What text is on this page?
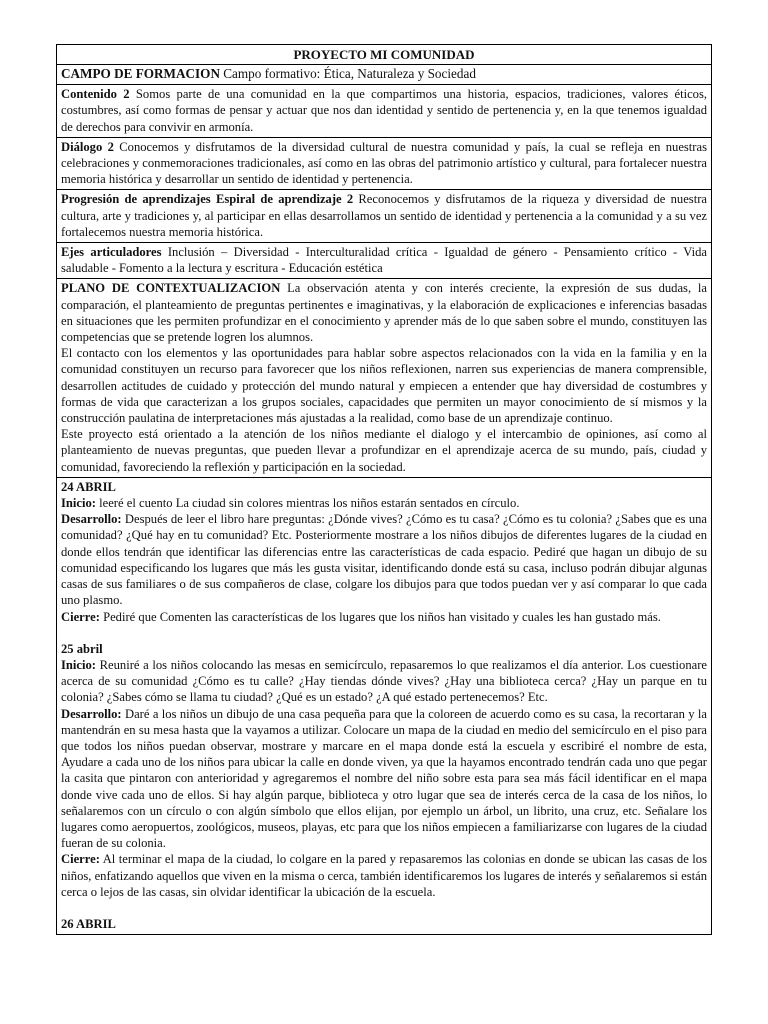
PROYECTO MI COMUNIDAD
CAMPO DE FORMACION Campo formativo: Ética, Naturaleza y Sociedad
Contenido 2 Somos parte de una comunidad en la que compartimos una historia, espacios, tradiciones, valores éticos, costumbres, así como formas de pensar y actuar que nos dan identidad y sentido de pertenencia y, en la que tenemos igualdad de derechos para convivir en armonía.
Diálogo 2 Conocemos y disfrutamos de la diversidad cultural de nuestra comunidad y país, la cual se refleja en nuestras celebraciones y conmemoraciones tradicionales, así como en las obras del patrimonio artístico y cultural, para fortalecer nuestra memoria histórica y desarrollar un sentido de identidad y pertenencia.
Progresión de aprendizajes Espiral de aprendizaje 2 Reconocemos y disfrutamos de la riqueza y diversidad de nuestra cultura, arte y tradiciones y, al participar en ellas desarrollamos un sentido de identidad y pertenencia a la comunidad y a su vez fortalecemos nuestra memoria histórica.
Ejes articuladores Inclusión – Diversidad - Interculturalidad crítica - Igualdad de género - Pensamiento crítico - Vida saludable - Fomento a la lectura y escritura - Educación estética

PLANO DE CONTEXTUALIZACION La observación atenta y con interés creciente, la expresión de sus dudas, la comparación, el planteamiento de preguntas pertinentes e imaginativas, y la elaboración de explicaciones e inferencias basadas en situaciones que les permiten profundizar en el conocimiento y aprender más de lo que saben sobre el mundo, constituyen las competencias que se pretende logren los alumnos.

El contacto con los elementos y las oportunidades para hablar sobre aspectos relacionados con la vida en la familia y en la comunidad constituyen un recurso para favorecer que los niños reflexionen, narren sus experiencias de manera comprensible, desarrollen actitudes de cuidado y protección del mundo natural y empiecen a entender que hay diversidad de costumbres y formas de vida que caracterizan a los grupos sociales, capacidades que permiten un mayor conocimiento de sí mismos y la construcción paulatina de interpretaciones más ajustadas a la realidad, como base de un aprendizaje continuo.

Este proyecto está orientado a la atención de los niños mediante el dialogo y el intercambio de opiniones, así como al planteamiento de nuevas preguntas, que pueden llevar a profundizar en el aprendizaje acerca de su mundo, país, ciudad y comunidad, favoreciendo la reflexión y participación en la sociedad.

24 ABRIL

Inicio: leeré el cuento La ciudad sin colores mientras los niños estarán sentados en círculo.

Desarrollo: Después de leer el libro hare preguntas: ¿Dónde vives? ¿Cómo es tu casa? ¿Cómo es tu colonia? ¿Sabes que es una comunidad? ¿Qué hay en tu comunidad? Etc. Posteriormente mostrare a los niños dibujos de diferentes lugares de la ciudad en donde ellos tendrán que identificar las diferencias entre las características de cada espacio. Pediré que hagan un dibujo de su comunidad especificando los lugares que más les gusta visitar, identificando donde está su casa, incluso podrán dibujar algunas casas de sus familiares o de sus compañeros de clase, colgare los dibujos para que todos puedan ver y así comparar lo que cada uno plasmo.

Cierre: Pediré que Comenten las características de los lugares que los niños han visitado y cuales les han gustado más.

25 abril

Inicio: Reuniré a los niños colocando las mesas en semicírculo, repasaremos lo que realizamos el día anterior. Los cuestionare acerca de su comunidad ¿Cómo es tu calle? ¿Hay tiendas dónde vives? ¿Hay una biblioteca cerca? ¿Hay un parque en tu colonia? ¿Sabes cómo se llama tu ciudad? ¿Qué es un estado? ¿A qué estado pertenecemos? Etc.

Desarrollo: Daré a los niños un dibujo de una casa pequeña para que la coloreen de acuerdo como es su casa, la recortaran y la mantendrán en su mesa hasta que la vayamos a utilizar. Colocare un mapa de la ciudad en medio del semicírculo en el piso para que todos los niños puedan observar, mostrare y marcare en el mapa donde está la escuela y escribiré el nombre de esta, Ayudare a cada uno de los niños para ubicar la calle en donde viven, ya que la hayamos encontrado tendrán cada uno que pegar la casita que pintaron con anterioridad y agregaremos el nombre del niño sobre esta para sea más fácil identificar en el mapa donde vive cada uno de ellos. Si hay algún parque, biblioteca y otro lugar que sea de interés cerca de la casa de los niños, lo señalaremos con un círculo o con algún símbolo que ellos elijan, por ejemplo un árbol, un librito, una cruz, etc. Señalare los lugares como aeropuertos, zoológicos, museos, playas, etc para que los niños empiecen a familiarizarse con lugares de la ciudad fueran de su colonia.

Cierre: Al terminar el mapa de la ciudad, lo colgare en la pared y repasaremos las colonias en donde se ubican las casas de los niños, enfatizando aquellos que viven en la misma o cerca, también identificaremos los lugares de interés y señalaremos si están cerca o lejos de las casas, sin olvidar identificar la ubicación de la escuela.

26 ABRIL
